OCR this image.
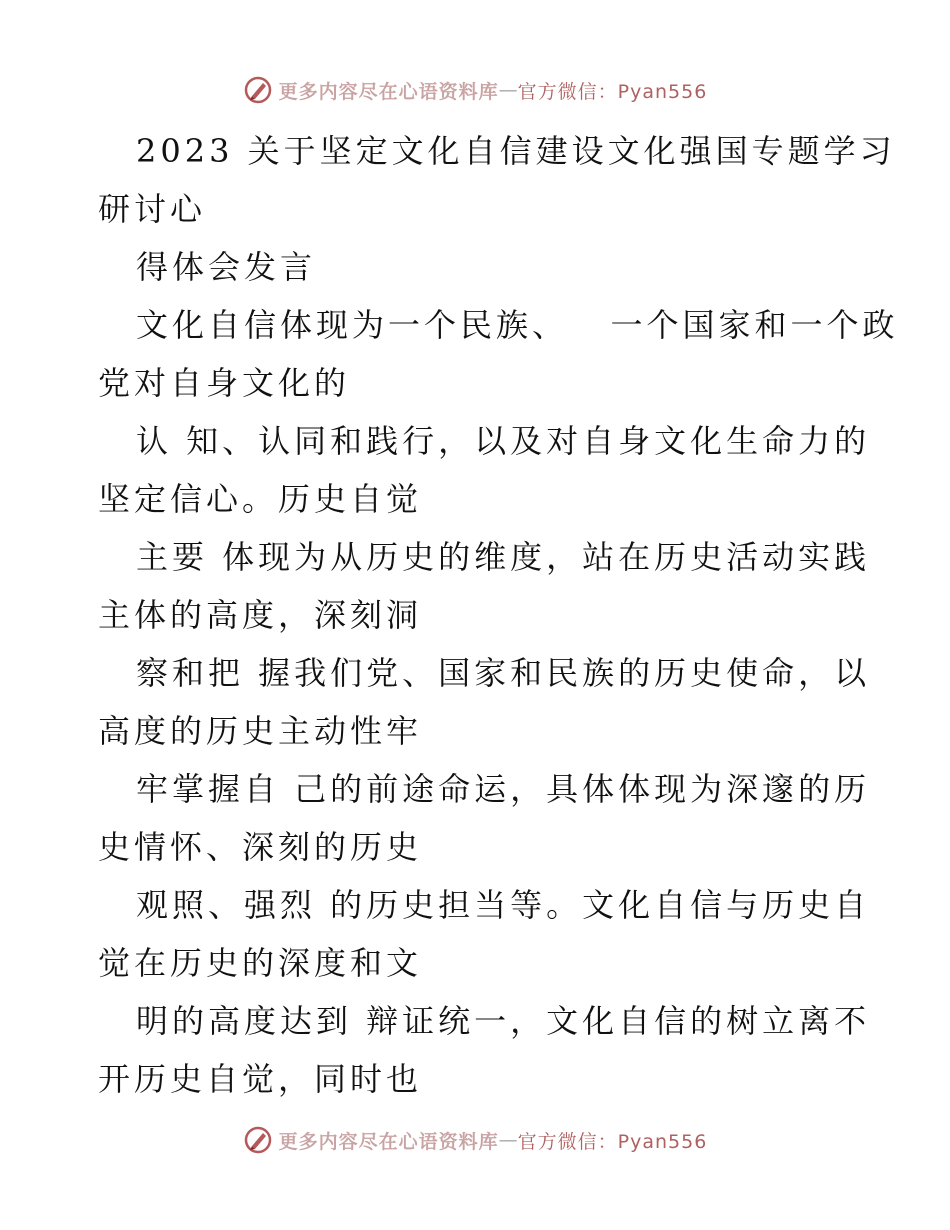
更多内容尽在心语资料库 — 官方微信：Pyan556
2023 关于坚定文化自信建设文化强国专题学习
研讨心
得体会发言
文化自信体现为一个民族、   一个国家和一个政
党对自身文化的
认 知、认同和践行，以及对自身文化生命力的
坚定信心。历史自觉
主要 体现为从历史的维度，站在历史活动实践
主体的高度，深刻洞
察和把 握我们党、国家和民族的历史使命，以
高度的历史主动性牢
牢掌握自 己的前途命运，具体体现为深邃的历
史情怀、深刻的历史
观照、强烈 的历史担当等。文化自信与历史自
觉在历史的深度和文
明的高度达到 辩证统一，文化自信的树立离不
开历史自觉，同时也
更多内容尽在心语资料库 — 官方微信：Pyan556
